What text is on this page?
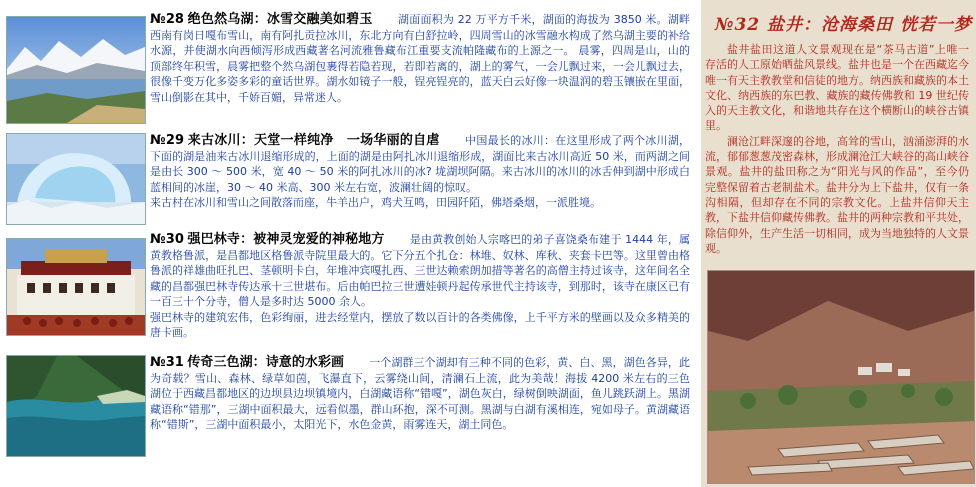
№28 绝色然乌湖：冰雪交融美如碧玉 湖面面积为 22 万平方千米，湖面的海拔为 3850 米。湖畔西南有岗日嘎布雪山，南有阿扎贡拉冰川，东北方向有白舒拉岭，四周雪山的冰雪融水构成了然乌湖主要的补给水源，并使湖水向西倾泻形成西藏著名河流雅鲁藏布江重要支流帕隆藏布的上源之一。 晨雾，四周是山，山的顶部终年积雪，晨雾把整个然乌湖包裹得若隐若现，若即若离的，湖上的雾气，一会儿飘过来，一会儿飘过去，很像千变万化多姿多彩的童话世界。湖水如镜子一般，锃亮锃亮的，蓝天白云好像一块温润的碧玉镶嵌在里面，雪山倒影在其中，千娇百媚，异常迷人。

№29 来古冰川：天堂一样纯净　一场华丽的自虐 中国最长的冰川：在这里形成了两个冰川湖，下面的湖是油来古冰川退缩形成的，上面的湖是由阿扎冰川退缩形成，湖面比来古冰川高近 50 米，而两湖之间是由长 300 ～ 500 米，宽 40 ～ 50 米的阿扎冰川的冰? 垅湖坝阿隔。来古冰川的冰川的冰舌伸到湖中形成白蓝相间的冰崖，30 ～ 40 米高、300 米左右宽，波澜壮阔的惊叹。

来古村在冰川和雪山之间散落而座，牛羊出户，鸡犬互鸣，田园阡陌，佛塔桑烟，一派胜境。

№30 强巴林寺：被神灵宠爱的神秘地方 是由黄教创始人宗喀巴的弟子喜饶桑布建于 1444 年，属黄教格鲁派，是昌都地区格鲁派寺院里最大的。它下分五个扎仓：林堆、奴林、库秋、夹套卡巴等。这里曾由格鲁派的祥雄曲旺扎巴、茎顿明卡白，年堆冲宾嘎扎西、三世达赖索朗加措等著名的高僧主持过该寺，这年间名全藏的昌都强巴林寺传达承十三世堪布。后由帕巴拉三世遭娃顿丹起传承世代主持该寺，到那时，该寺在康区已有一百三十个分寺，僧人是多时达 5000 余人。

强巴林寺的建筑宏伟，色彩绚丽，进去经堂内，摆放了数以百计的各类佛像，上千平方米的壁画以及众多精美的唐卡画。

№31 传奇三色湖：诗意的水彩画 一个湖群三个湖却有三种不同的色彩，黄、白、黑，湖色各异，此为奇载？雪山、森林、绿草如茵，飞瀑直下，云雾绕山间，清澜石上流，此为美哉！海拔 4200 米左右的三色湖位于西藏昌都地区的边坝县边坝镇境内，白湖藏语称“错嘎”，湖色灰白，绿树倒映湖面，鱼儿跳跃湖上。黑湖藏语称“错那”，三湖中面积最大，远看似墨，群山环抱，深不可测。黑湖与白湖有溪相连，宛如母子。黄湖藏语称“错斯”，三湖中面积最小，太阳光下，水色金黄，雨雾连天，湖土同色。

№32 盐井：沧海桑田 恍若一梦

盐井盐田这道人文景观现在是“茶马古道”上唯一存活的人工原始晒盐风景线。盐井也是一个在西藏迄今唯一有天主教教堂和信徒的地方。纳西族和藏族的本土文化、纳西族的东巴教、藏族的藏传佛教和 19 世纪传入的天主教文化，和谐地共存在这个横断山的峡谷古镇里。

澜沧江畔深邃的谷地，高耸的雪山，汹涌澎湃的水流，郁郁葱葱茂密森林，形成澜沧江大峡谷的高山峡谷景观。盐井的盐田称之为“阳光与风的作品”，至今仍完整保留着古老制盐术。盐井分为上下盐井，仅有一条沟相隔，但却存在不同的宗教文化。上盐井信仰天主教，下盐井信仰藏传佛教。盐井的两种宗教和平共处，除信仰外，生产生活一切相同，成为当地独特的人文景观。
